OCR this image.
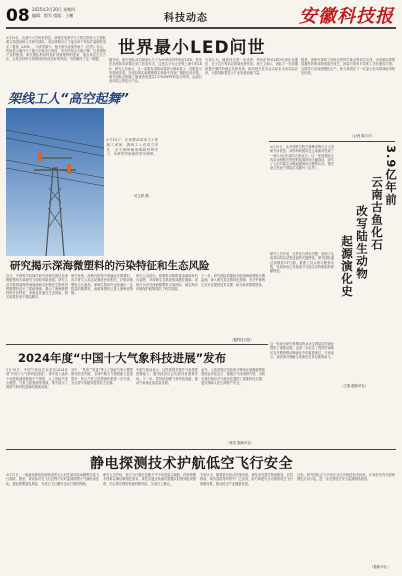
08 2025年3月20日 星期四
编辑：程军 组版：王鹏	科技动态	安徽科技报
世界最小LED问世
3月19日，从浙江大学传来消息，该校光电科学与工程学院狄大卫团队联合英国剑桥大学研究团队，成功研制出尺寸接近单个钙钛矿晶胞的发光二极管（LED），为世界最小。相关研究成果发表于《自然》杂志。传统显示器件尺寸缩小至微米尺度时，发光效率会大幅下降，这是困扰产业的瓶颈。研究团队利用钙钛矿材料独特的性质，提出原位生长方法，让发光材料与周围材料形成良好的界面，有效解决了这一难题。	据介绍，研究团队成功制备出尺寸为90纳米的钙钛矿LED，其发光亮度和效率都达到了较高水平，这是迄今为止世界上最小的LED。研究人员表示，这一成果有望推动超高分辨率显示、近眼显示等领域发展，在虚拟现实和增强现实设备中具有广阔的应用前景。研究团队还制备了像素密度超过127000PPI的显示阵列，远超目前市面上的显示产品。
专家认为，随着技术进一步成熟，钙钛矿纳米LED有望在光通信、光子芯片等前沿领域发挥作用。狄大卫表示，团队下一步将继续提升器件的稳定性和寿命，推动相关技术从实验室走向实际应用，为我国新型显示产业发展贡献力量。
据悉，该研究得到了国家自然科学基金等项目支持。未来团队将围绕器件的集成制造展开攻关，探索与现有半导体工艺的兼容方案，以期早日实现规模化生产，助力我国在下一代显示技术领域取得领先优势。
（记者 陈月平）
架线工人“高空起舞”
3月19日，在安徽省某电力工程施工现场，架线工人在高空作业，全力保障输电线路按期完工，为春季用电提供坚实保障。
吴玉婷 摄
3月19日，从中国科学院古脊椎动物与古人类研究所获悉，该所科研团队在云南曲靖发现了一种3.9亿年前的古鱼化石，这一发现将陆生四足动物相关特征的起源时间大幅提前，改写了人们对陆生动物起源演化历程的认识。相关论文发表于国际学术期刊《自然》。
研究人员介绍，这件化石保存完整，展现了从鱼类向四足动物过渡的关键特征。研究团队通过高精度CT扫描，重建了其头骨与鳍骨结构，发现该鱼已具备部分与陆生动物相似的骨骼特征。
这一发现为研究脊椎动物从水生到陆生的演化提供了重要证据，也进一步证实了我国华南地区在早期脊椎动物演化中的重要地位。专家表示，该成果对理解生命演化史具有重要意义。
3.9亿年前
云南古鱼化石
改写陆生动物
起源演化史
（王瑞 据新华社）
研究揭示深海微塑料的污染特征和生态风险
近日，中国科学院海洋研究所研究团队在深海微塑料污染研究方面取得新进展。研究人员对我国南海等海域深海沉积物及生物体内的微塑料进行了系统调查，揭示了深海微塑料的分布特征、来源及其潜在生态风险，相关成果发表于国际期刊。
研究发现，深海沉积物中普遍存在微塑料，其丰度与人类活动强度密切相关，纤维状微塑料占比最高。深海生物体内也检测出一定数量的微塑料，表明微塑料已进入深海食物链。
研究人员指出，微塑料可吸附重金属和有机污染物，对深海生态系统构成潜在威胁。该研究为评估深海微塑料污染风险、制定海洋环境保护政策提供了科学依据。
下一步，研究团队将继续开展深海微塑料长期监测，深入研究其迁移转化规律，为守护深海生态安全提供技术支撑，助力海洋强国建设。
（据科技日报）
2024年度“中国十大气象科技进展”发布
3月19日，中国气象局在京发布2024年度“中国十大气象科技进展”。该年度入选的十项进展涵盖数值天气预报、人工智能气象大模型、气象卫星观测等领域，集中展示了我国气象科技创新的最新成果。
其中，“风清”“风雷”等人工智能气象大模型研发取得突破，全球中期天气预报能力显著提升；风云气象卫星观测体系进一步完善，为全球气象服务提供有力支撑。
中国气象局表示，这些进展对提升气象预报预警能力、服务经济社会发展具有重要作用。下一步，将持续加强气象科技创新，推动气象事业高质量发展。
此外，入选进展还包括高分辨率区域数值预报系统业务化运行、极端天气成因研究等，为防灾减灾和应对气候变化提供了重要科技支撑，更好保障人民生命财产安全。
（蒋苗 据新华社）
静电探测技术护航低空飞行安全
3月17日，一架载有静电探测设备的无人机在某试验场顺利完成飞行测试。据悉，该设备可在飞行过程中实时监测周围大气静电场变化，提前预警雷电风险，为低空飞行器安全运行提供保障。
研究人员介绍，低空飞行器在雷暴天气中易受雷击威胁，传统预警手段难以满足精细化需求。该技术通过机载传感器实时感知电场强度，结合算法模型快速判断风险，实现自主避让。
专家认为，随着低空经济快速发展，该技术有望在物流配送、应急救援、城市巡检等场景中广泛应用，助力构建安全可靠的低空飞行保障体系，推动低空产业健康发展。
目前，研究团队正与多家企业合作推进技术转化，计划在年内开展规模化应用示范，进一步完善低空安全监测网络建设。
（据新华社）
